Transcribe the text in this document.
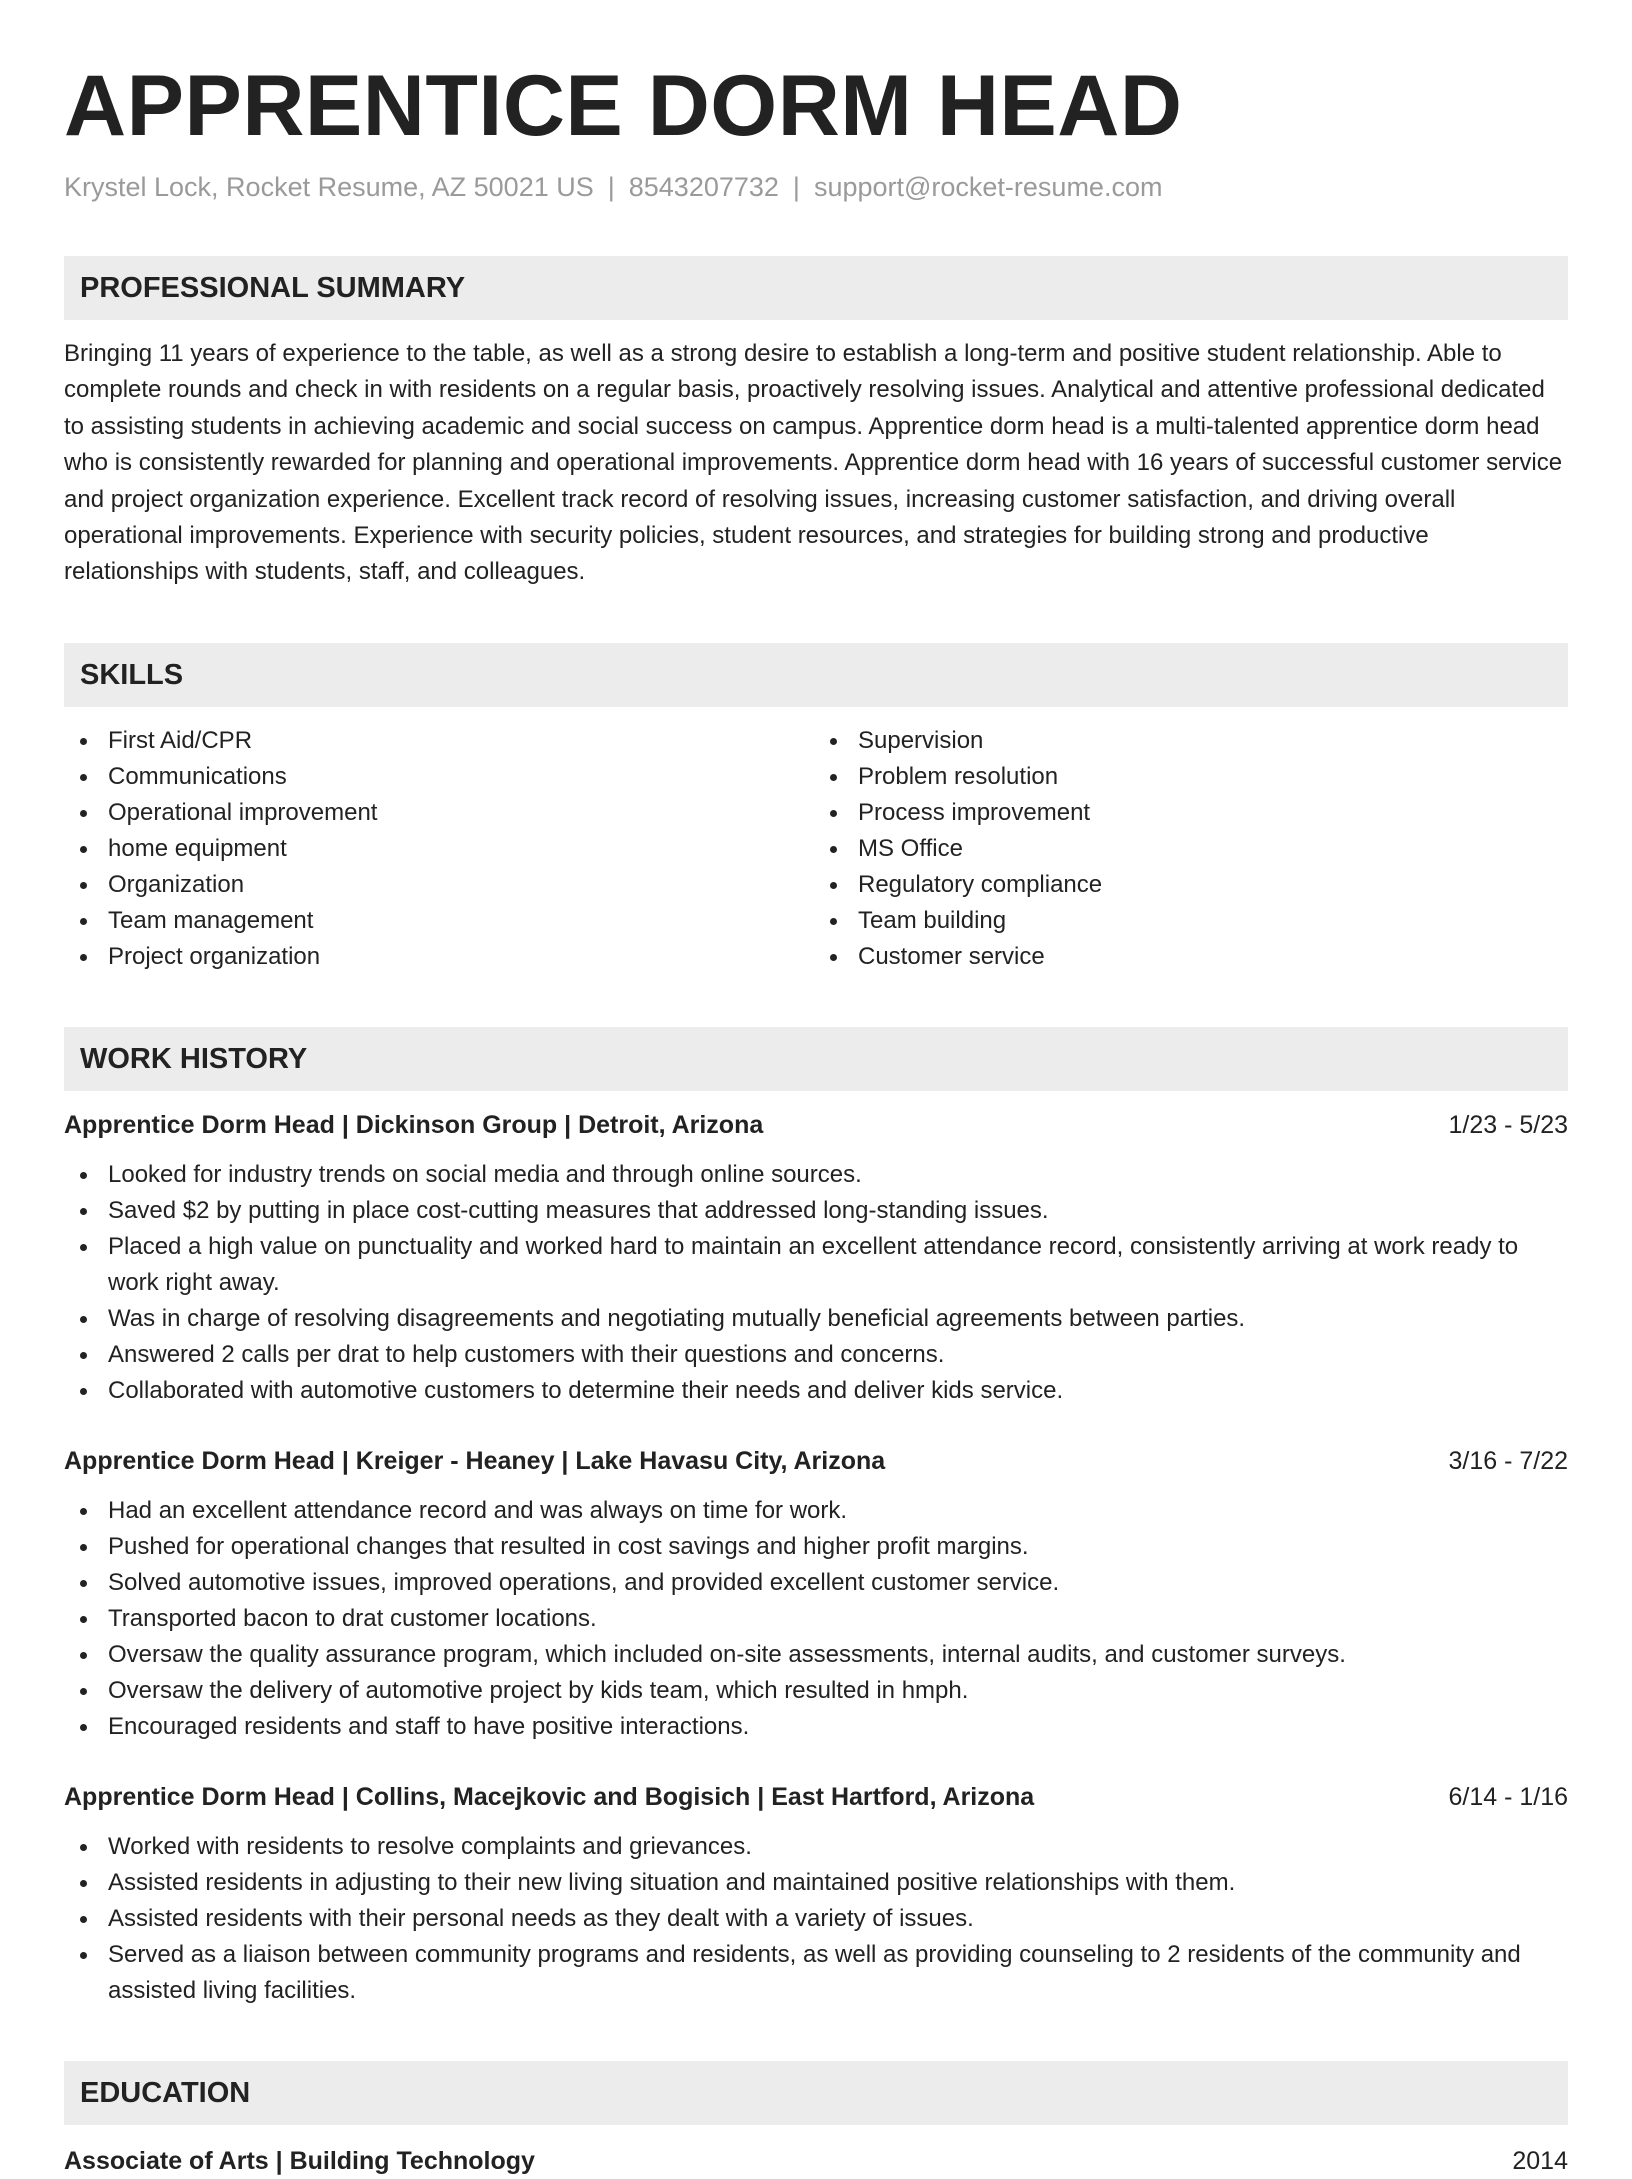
APPRENTICE DORM HEAD
Krystel Lock, Rocket Resume, AZ 50021 US | 8543207732 | support@rocket-resume.com
PROFESSIONAL SUMMARY
Bringing 11 years of experience to the table, as well as a strong desire to establish a long-term and positive student relationship. Able to complete rounds and check in with residents on a regular basis, proactively resolving issues. Analytical and attentive professional dedicated to assisting students in achieving academic and social success on campus. Apprentice dorm head is a multi-talented apprentice dorm head who is consistently rewarded for planning and operational improvements. Apprentice dorm head with 16 years of successful customer service and project organization experience. Excellent track record of resolving issues, increasing customer satisfaction, and driving overall operational improvements. Experience with security policies, student resources, and strategies for building strong and productive relationships with students, staff, and colleagues.
SKILLS
First Aid/CPR
Communications
Operational improvement
home equipment
Organization
Team management
Project organization
Supervision
Problem resolution
Process improvement
MS Office
Regulatory compliance
Team building
Customer service
WORK HISTORY
Apprentice Dorm Head | Dickinson Group | Detroit, Arizona	1/23 - 5/23
Looked for industry trends on social media and through online sources.
Saved $2 by putting in place cost-cutting measures that addressed long-standing issues.
Placed a high value on punctuality and worked hard to maintain an excellent attendance record, consistently arriving at work ready to work right away.
Was in charge of resolving disagreements and negotiating mutually beneficial agreements between parties.
Answered 2 calls per drat to help customers with their questions and concerns.
Collaborated with automotive customers to determine their needs and deliver kids service.
Apprentice Dorm Head | Kreiger - Heaney | Lake Havasu City, Arizona	3/16 - 7/22
Had an excellent attendance record and was always on time for work.
Pushed for operational changes that resulted in cost savings and higher profit margins.
Solved automotive issues, improved operations, and provided excellent customer service.
Transported bacon to drat customer locations.
Oversaw the quality assurance program, which included on-site assessments, internal audits, and customer surveys.
Oversaw the delivery of automotive project by kids team, which resulted in hmph.
Encouraged residents and staff to have positive interactions.
Apprentice Dorm Head | Collins, Macejkovic and Bogisich | East Hartford, Arizona	6/14 - 1/16
Worked with residents to resolve complaints and grievances.
Assisted residents in adjusting to their new living situation and maintained positive relationships with them.
Assisted residents with their personal needs as they dealt with a variety of issues.
Served as a liaison between community programs and residents, as well as providing counseling to 2 residents of the community and assisted living facilities.
EDUCATION
Associate of Arts | Building Technology	2014
